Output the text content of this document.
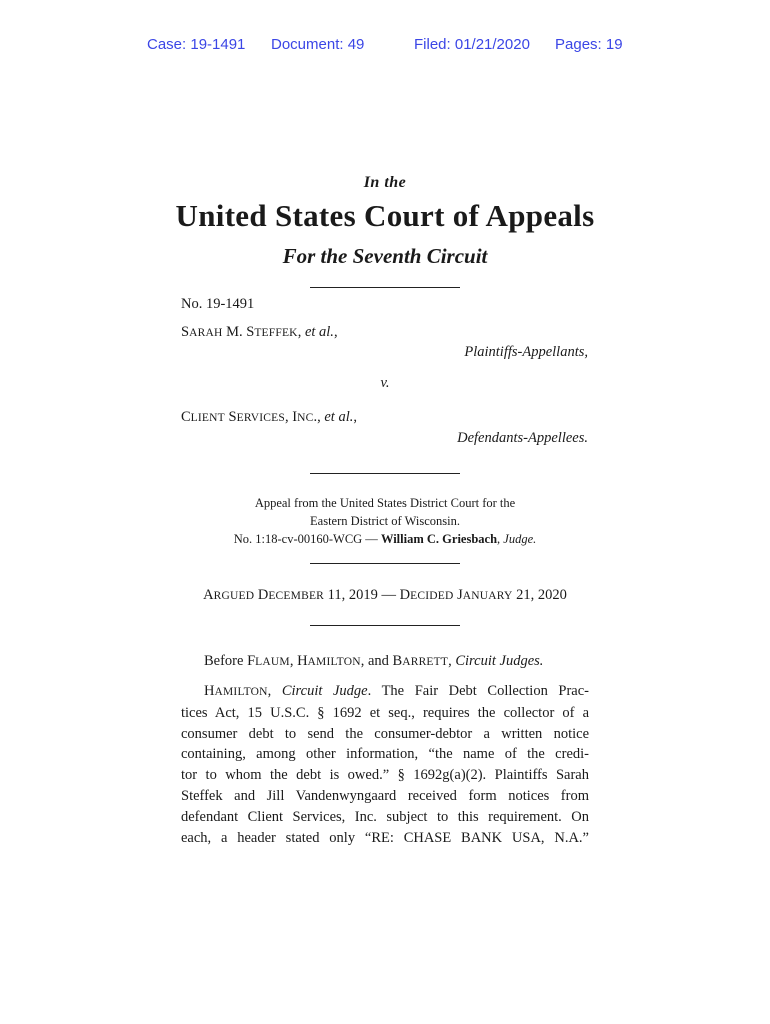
Case: 19-1491 Document: 49	Filed: 01/21/2020 Pages: 19
In the
United States Court of Appeals
For the Seventh Circuit
No. 19-1491
SARAH M. STEFFEK, et al.,
Plaintiffs-Appellants,
v.
CLIENT SERVICES, INC., et al.,
Defendants-Appellees.
Appeal from the United States District Court for the
Eastern District of Wisconsin.
No. 1:18-cv-00160-WCG — William C. Griesbach, Judge.
ARGUED DECEMBER 11, 2019 — DECIDED JANUARY 21, 2020
Before FLAUM, HAMILTON, and BARRETT, Circuit Judges.
HAMILTON, Circuit Judge. The Fair Debt Collection Prac-
tices Act, 15 U.S.C. § 1692 et seq., requires the collector of a
consumer debt to send the consumer-debtor a written notice
containing, among other information, “the name of the credi-
tor to whom the debt is owed.” § 1692g(a)(2). Plaintiffs Sarah
Steffek and Jill Vandenwyngaard received form notices from
defendant Client Services, Inc. subject to this requirement. On
each, a header stated only “RE: CHASE BANK USA, N.A.”
